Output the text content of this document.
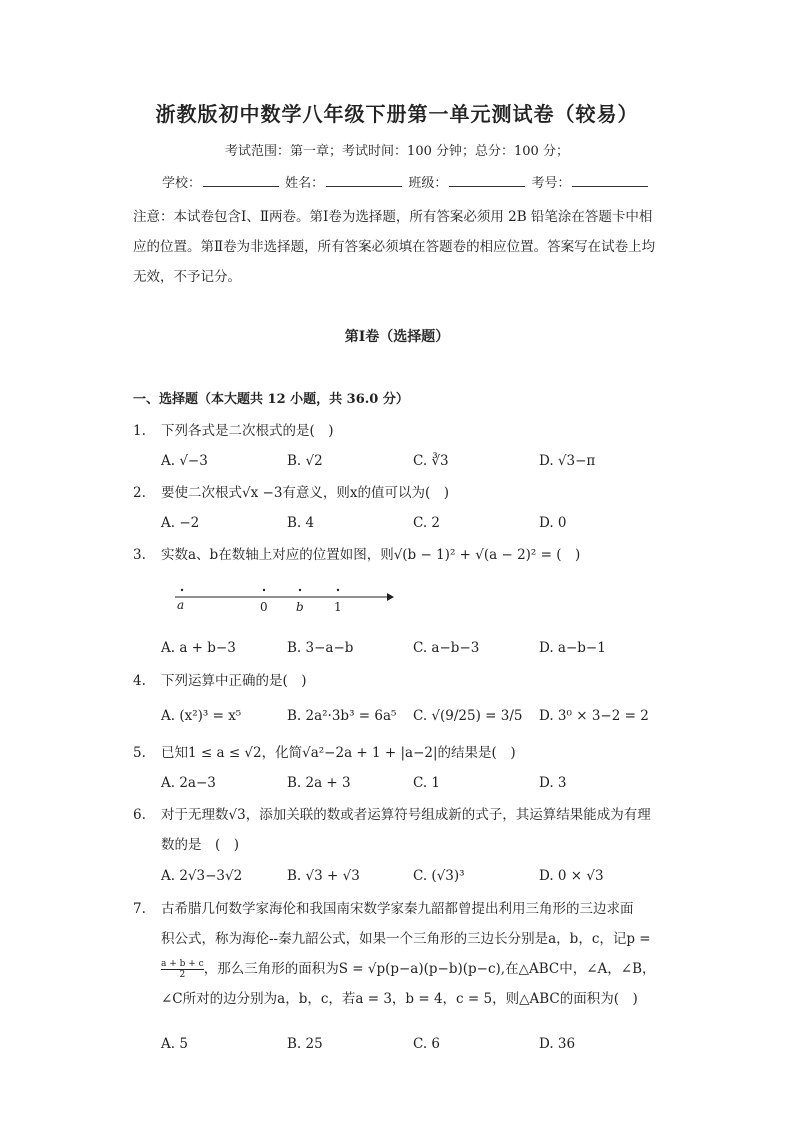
浙教版初中数学八年级下册第一单元测试卷（较易）
考试范围：第一章；考试时间：100 分钟；总分：100 分；
学校：	姓名：	班级：	考号：
注意：本试卷包含Ⅰ、Ⅱ两卷。第Ⅰ卷为选择题，所有答案必须用 2B 铅笔涂在答题卡中相应的位置。第Ⅱ卷为非选择题，所有答案必须填在答题卷的相应位置。答案写在试卷上均无效，不予记分。
第Ⅰ卷（选择题）
一、选择题（本大题共 12 小题，共 36.0 分）
1. 下列各式是二次根式的是(　)
A. √−3	B. √2	C. ∛3	D. √3−π
2. 要使二次根式√x −3有意义，则x的值可以为(　)
A. −2	B. 4	C. 2	D. 0
3. 实数a、b在数轴上对应的位置如图，则√(b − 1)² + √(a − 2)² = (　)
a	0 b	1
A. a + b−3	B. 3−a−b	C. a−b−3	D. a−b−1
4. 下列运算中正确的是(　)
A. (x²)³ = x⁵	B. 2a²·3b³ = 6a⁵ C. √(9/25) = 3/5 D. 3⁰ × 3−2 = 2
5. 已知1 ≤ a ≤ √2，化简√a²−2a + 1 + |a−2|的结果是(　)
A. 2a−3	B. 2a + 3	C. 1	D. 3
6. 对于无理数√3，添加关联的数或者运算符号组成新的式子，其运算结果能成为有理数的是　(　)
A. 2√3−3√2	B. √3 + √3	C. (√3)³	D. 0 × √3
7. 古希腊几何数学家海伦和我国南宋数学家秦九韶都曾提出利用三角形的三边求面
积公式，称为海伦--秦九韶公式，如果一个三角形的三边长分别是a，b，c，记p =
$\frac{a + b + c}{2}$ ，那么三角形的面积为S = √p(p−a)(p−b)(p−c),在△ABC中，∠A，∠B，
∠C所对的边分别为a，b，c，若a = 3，b = 4，c = 5，则△ABC的面积为(　)
A. 5	B. 25	C. 6	D. 36
